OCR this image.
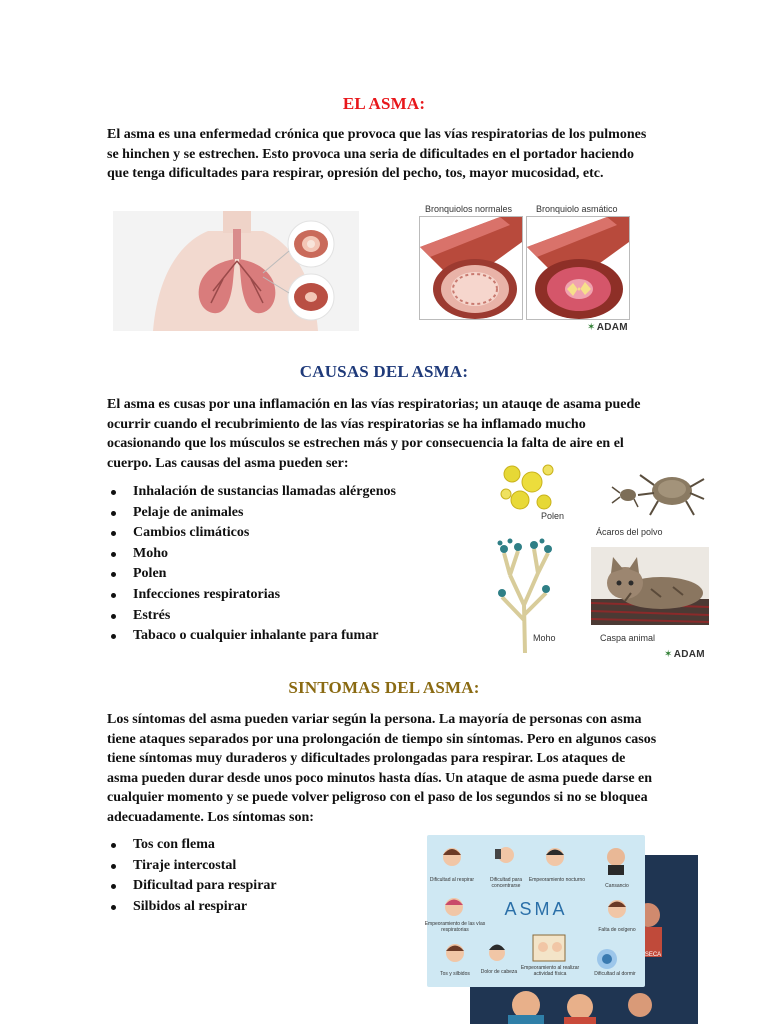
EL ASMA:

El asma es una enfermedad crónica que provoca que las vías respiratorias de los pulmones se hinchen y se estrechen. Esto provoca una seria de dificultades en el portador haciendo que tenga dificultades para respirar, opresión del pecho, tos, mayor mucosidad, etc.

Bronquiolos normales	Bronquiolo asmático
✶ADAM
CAUSAS DEL ASMA:

El asma es cusas por una inflamación en las vías respiratorias; un atauqe de asama puede ocurrir cuando el recubrimiento de las vías respiratorias se ha inflamado mucho ocasionando que los músculos se estrechen más y por consecuencia la falta de aire en el cuerpo. Las causas del asma pueden ser:

Inhalación de sustancias llamadas alérgenos
Pelaje de animales
Cambios climáticos
Moho
Polen
Infecciones respiratorias
Estrés
Tabaco o cualquier inhalante para fumar
Polen
Ácaros del polvo
Moho	Caspa animal
✶ADAM
SINTOMAS DEL ASMA:

Los síntomas del asma pueden variar según la persona. La mayoría de personas con asma tiene ataques separados por una prolongación de tiempo sin síntomas. Pero en algunos casos tiene síntomas muy duraderos y dificultades prolongadas para respirar. Los ataques de asma pueden durar desde unos poco minutos hasta días. Un ataque de asma puede darse en cualquier momento y se puede volver peligroso con el paso de los segundos si no se bloquea adecuadamente. Los síntomas son:

Tos con flema
Tiraje intercostal
Dificultad para respirar
Silbidos al respirar
SECA
ASMA
Dificultad al respirar	Dificultad para concentrarse
Empeoramiento nocturno
Cansancio
Empeoramiento de las vías respiratorias	Falta de oxígeno
Tos y silbidos	Dolor de cabeza
Empeoramiento al realizar actividad física	Dificultad al dormir
